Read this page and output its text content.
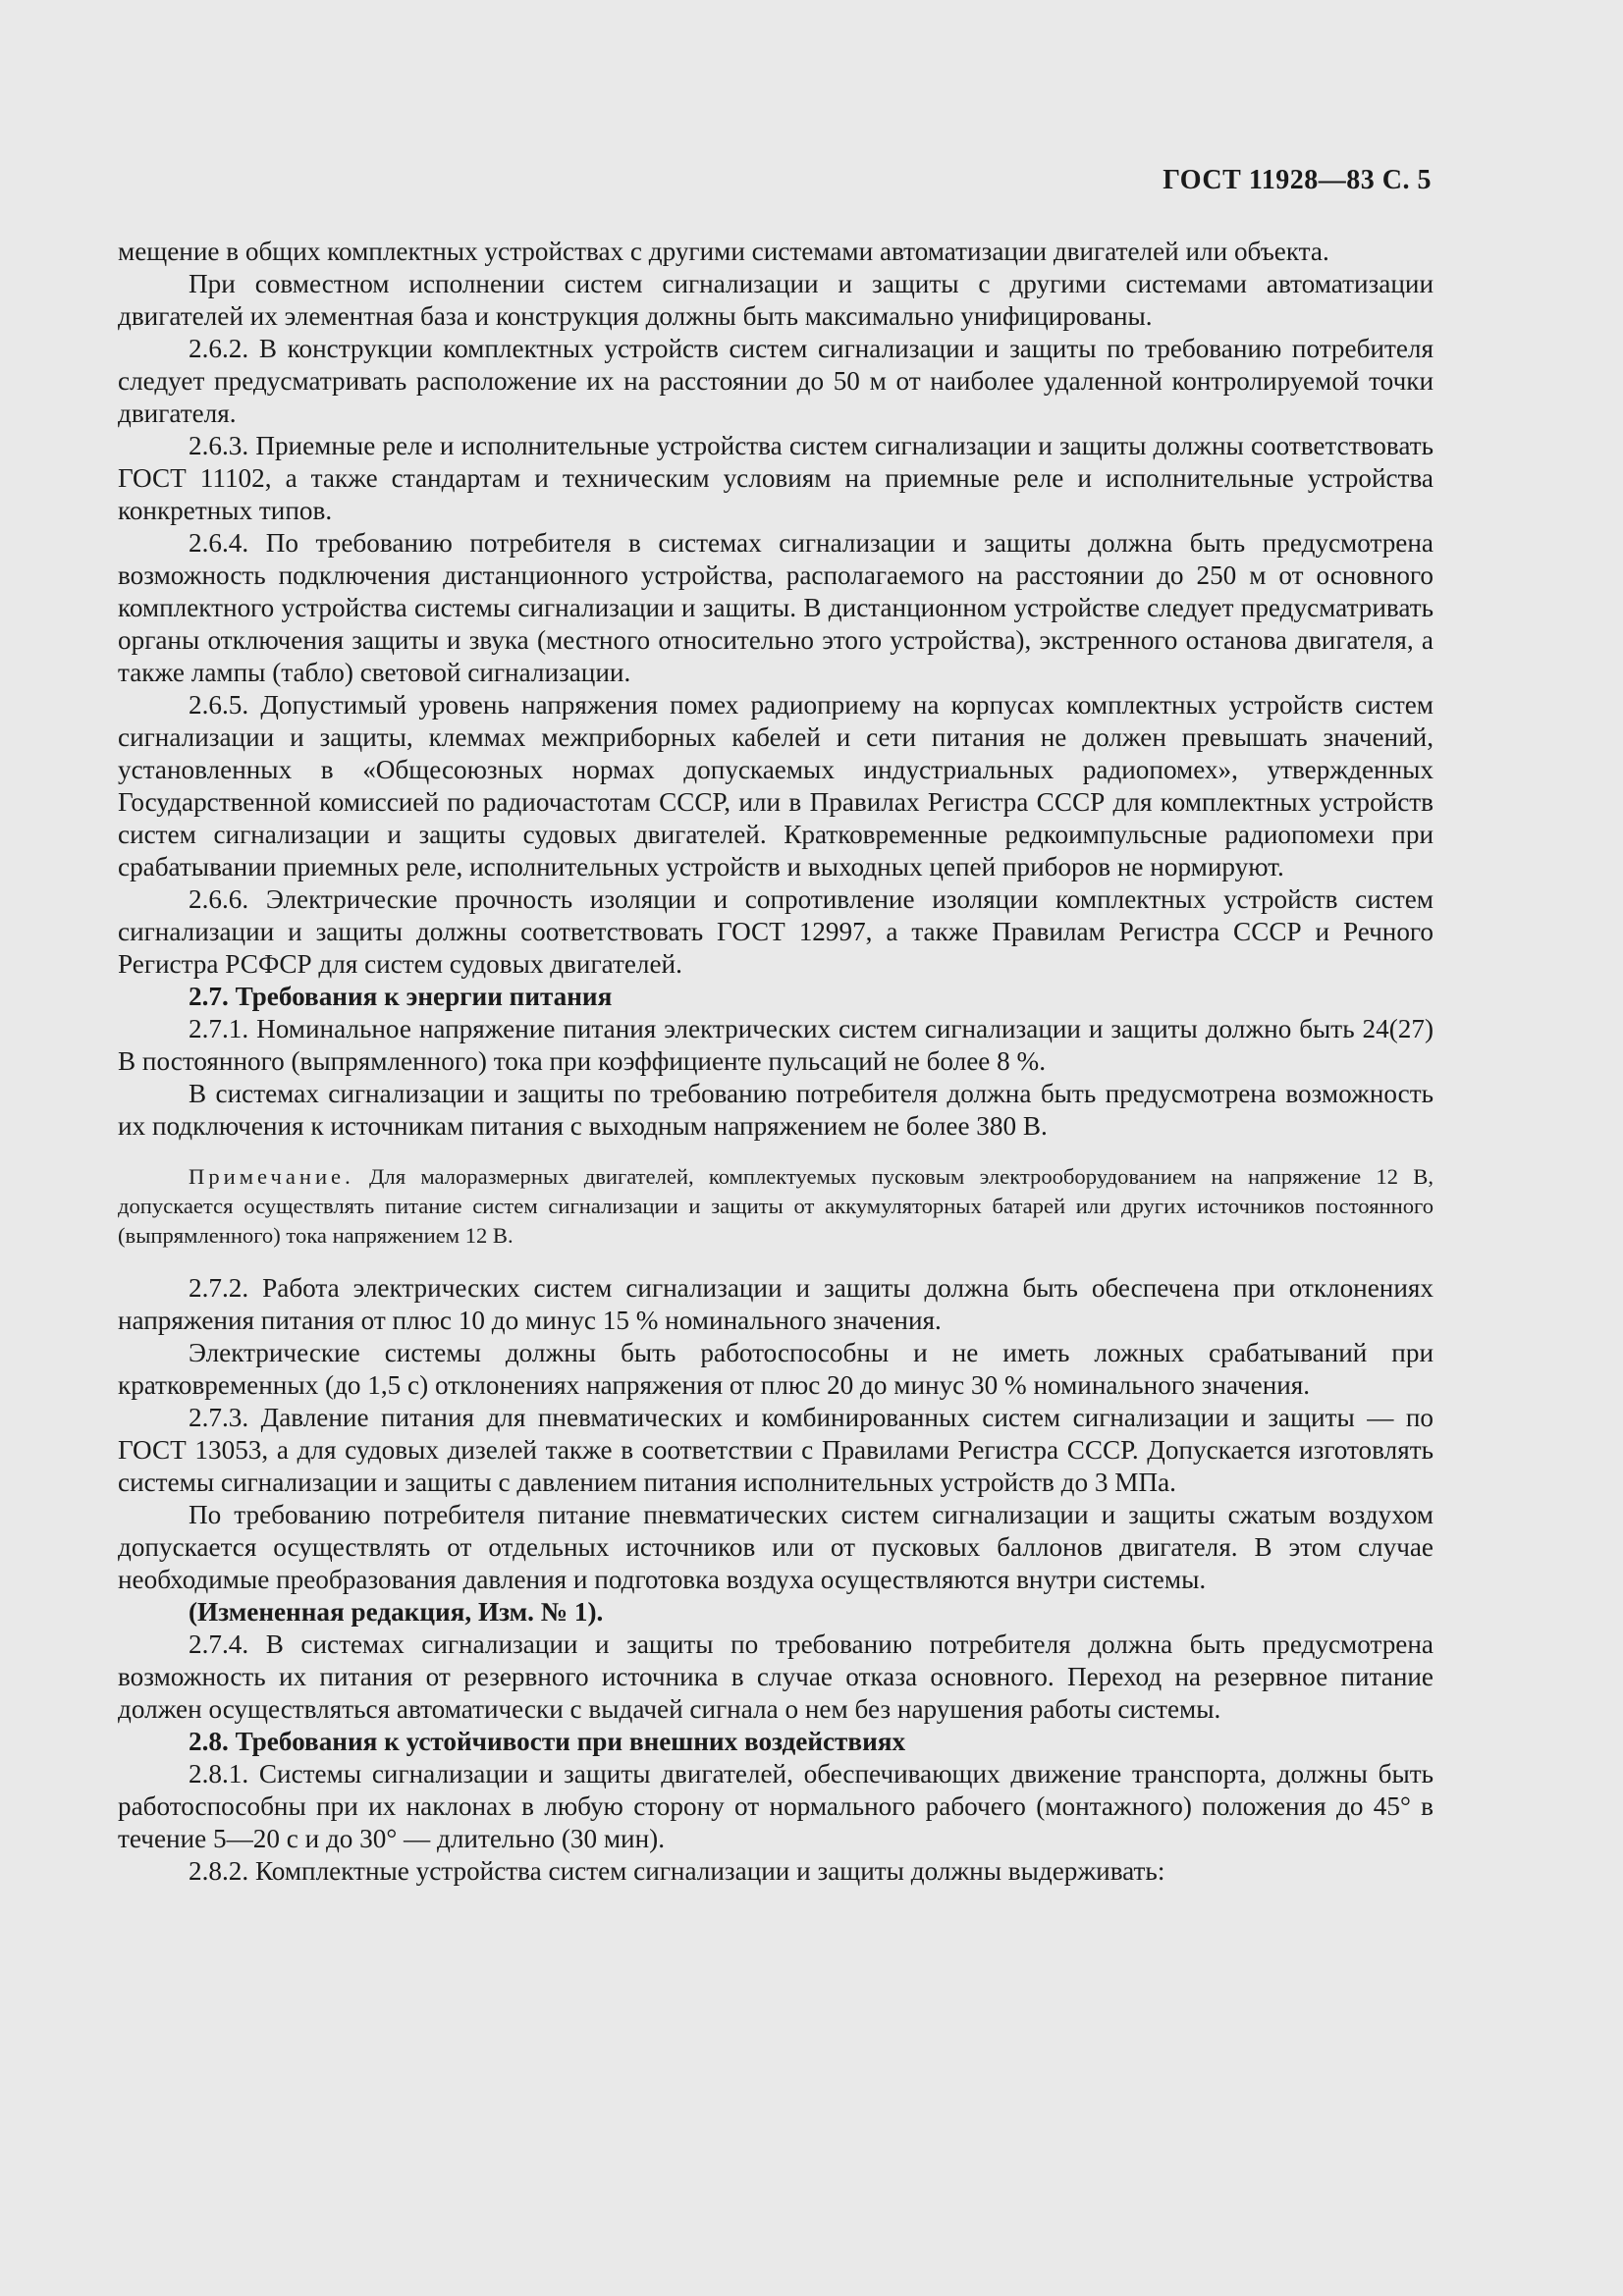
ГОСТ 11928—83 С. 5

мещение в общих комплектных устройствах с другими системами автоматизации двигателей или объекта.

При совместном исполнении систем сигнализации и защиты с другими системами автоматизации двигателей их элементная база и конструкция должны быть максимально унифицированы.

2.6.2. В конструкции комплектных устройств систем сигнализации и защиты по требованию потребителя следует предусматривать расположение их на расстоянии до 50 м от наиболее удаленной контролируемой точки двигателя.

2.6.3. Приемные реле и исполнительные устройства систем сигнализации и защиты должны соответствовать ГОСТ 11102, а также стандартам и техническим условиям на приемные реле и исполнительные устройства конкретных типов.

2.6.4. По требованию потребителя в системах сигнализации и защиты должна быть предусмотрена возможность подключения дистанционного устройства, располагаемого на расстоянии до 250 м от основного комплектного устройства системы сигнализации и защиты. В дистанционном устройстве следует предусматривать органы отключения защиты и звука (местного относительно этого устройства), экстренного останова двигателя, а также лампы (табло) световой сигнализации.

2.6.5. Допустимый уровень напряжения помех радиоприему на корпусах комплектных устройств систем сигнализации и защиты, клеммах межприборных кабелей и сети питания не должен превышать значений, установленных в «Общесоюзных нормах допускаемых индустриальных радиопомех», утвержденных Государственной комиссией по радиочастотам СССР, или в Правилах Регистра СССР для комплектных устройств систем сигнализации и защиты судовых двигателей. Кратковременные редкоимпульсные радиопомехи при срабатывании приемных реле, исполнительных устройств и выходных цепей приборов не нормируют.

2.6.6. Электрические прочность изоляции и сопротивление изоляции комплектных устройств систем сигнализации и защиты должны соответствовать ГОСТ 12997, а также Правилам Регистра СССР и Речного Регистра РСФСР для систем судовых двигателей.

2.7. Требования к энергии питания

2.7.1. Номинальное напряжение питания электрических систем сигнализации и защиты должно быть 24(27) В постоянного (выпрямленного) тока при коэффициенте пульсаций не более 8 %.

В системах сигнализации и защиты по требованию потребителя должна быть предусмотрена возможность их подключения к источникам питания с выходным напряжением не более 380 В.

Примечание. Для малоразмерных двигателей, комплектуемых пусковым электрооборудованием на напряжение 12 В, допускается осуществлять питание систем сигнализации и защиты от аккумуляторных батарей или других источников постоянного (выпрямленного) тока напряжением 12 В.

2.7.2. Работа электрических систем сигнализации и защиты должна быть обеспечена при отклонениях напряжения питания от плюс 10 до минус 15 % номинального значения.

Электрические системы должны быть работоспособны и не иметь ложных срабатываний при кратковременных (до 1,5 с) отклонениях напряжения от плюс 20 до минус 30 % номинального значения.

2.7.3. Давление питания для пневматических и комбинированных систем сигнализации и защиты — по ГОСТ 13053, а для судовых дизелей также в соответствии с Правилами Регистра СССР. Допускается изготовлять системы сигнализации и защиты с давлением питания исполнительных устройств до 3 МПа.

По требованию потребителя питание пневматических систем сигнализации и защиты сжатым воздухом допускается осуществлять от отдельных источников или от пусковых баллонов двигателя. В этом случае необходимые преобразования давления и подготовка воздуха осуществляются внутри системы.

(Измененная редакция, Изм. № 1).

2.7.4. В системах сигнализации и защиты по требованию потребителя должна быть предусмотрена возможность их питания от резервного источника в случае отказа основного. Переход на резервное питание должен осуществляться автоматически с выдачей сигнала о нем без нарушения работы системы.

2.8. Требования к устойчивости при внешних воздействиях

2.8.1. Системы сигнализации и защиты двигателей, обеспечивающих движение транспорта, должны быть работоспособны при их наклонах в любую сторону от нормального рабочего (монтажного) положения до 45° в течение 5—20 с и до 30° — длительно (30 мин).

2.8.2. Комплектные устройства систем сигнализации и защиты должны выдерживать:
